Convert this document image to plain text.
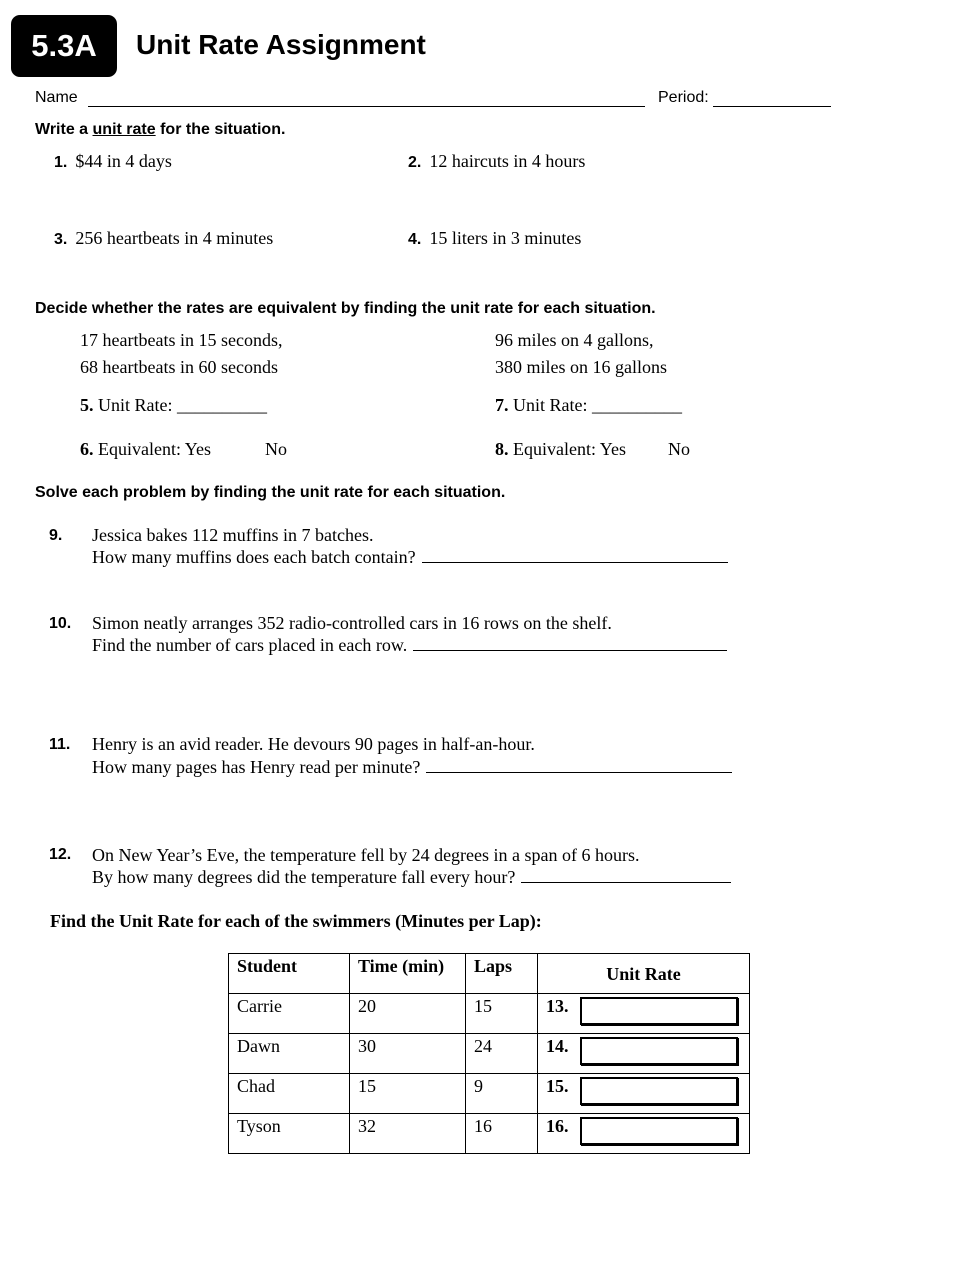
5.3A	Unit Rate Assignment
Name	Period:
Write a unit rate for the situation.
1. $44 in 4 days	2. 12 haircuts in 4 hours
3. 256 heartbeats in 4 minutes	4. 15 liters in 3 minutes
Decide whether the rates are equivalent by finding the unit rate for each situation.
17 heartbeats in 15 seconds,
68 heartbeats in 60 seconds
96 miles on 4 gallons,
380 miles on 16 gallons
5. Unit Rate: __________	7. Unit Rate: __________
6. Equivalent: Yes	No	8. Equivalent: Yes No
Solve each problem by finding the unit rate for each situation.
9. Jessica bakes 112 muffins in 7 batches.
How many muffins does each batch contain?
10. Simon neatly arranges 352 radio-controlled cars in 16 rows on the shelf.
Find the number of cars placed in each row.
11. Henry is an avid reader. He devours 90 pages in half-an-hour.
How many pages has Henry read per minute?
12. On New Year’s Eve, the temperature fell by 24 degrees in a span of 6 hours.
By how many degrees did the temperature fall every hour?
Find the Unit Rate for each of the swimmers (Minutes per Lap):
Student	Time (min)	Laps	Unit Rate
Carrie	20	15	13.

Dawn	30	24	14.

Chad	15	9	15.

Tyson	32	16	16.
